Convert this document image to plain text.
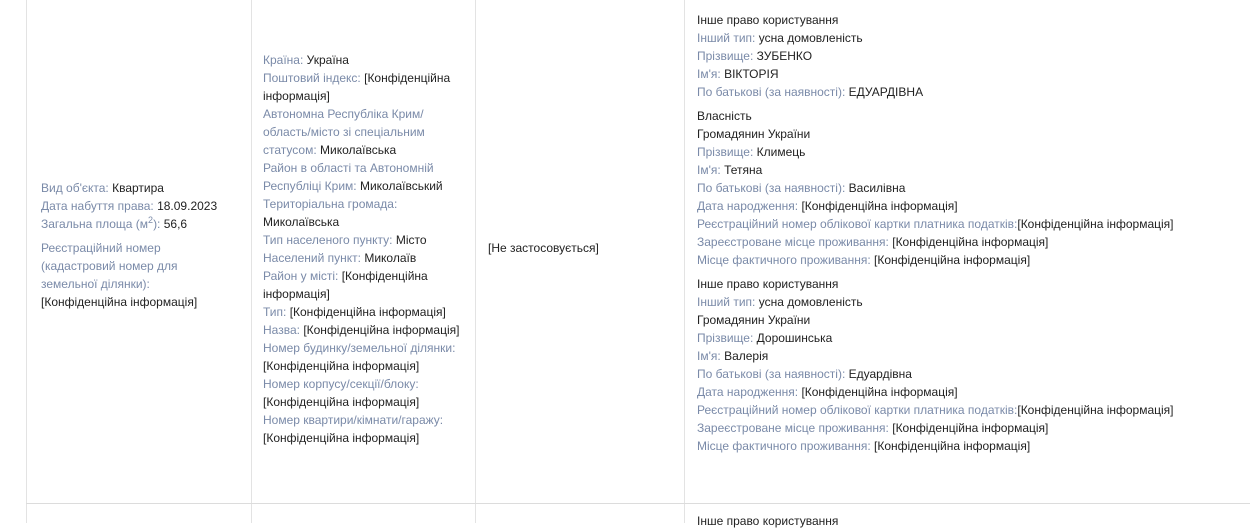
Вид об'єкта: Квартира
Дата набуття права: 18.09.2023
Загальна площа $(м^2)$: 56,6
Реєстраційний номер
(кадастровий номер для
земельної ділянки):
[Конфіденційна інформація]
Країна: Україна
Поштовий індекс: [Конфіденційна
інформація]
Автономна Республіка Крим/
область/місто зі спеціальним
статусом: Миколаївська
Район в області та Автономній
Республіці Крим: Миколаївський
Територіальна громада:
Миколаївська
Тип населеного пункту: Місто
Населений пункт: Миколаїв
Район у місті: [Конфіденційна
інформація]
Тип: [Конфіденційна інформація]
Назва: [Конфіденційна інформація]
Номер будинку/земельної ділянки:
[Конфіденційна інформація]
Номер корпусу/секції/блоку:
[Конфіденційна інформація]
Номер квартири/кімнати/гаражу:
[Конфіденційна інформація]
[Не застосовується]
Інше право користування
Інший тип: усна домовленість
Прізвище: ЗУБЕНКО
Ім'я: ВІКТОРІЯ
По батькові (за наявності): ЕДУАРДІВНА
Власність
Громадянин України
Прізвище: Климець
Ім'я: Тетяна
По батькові (за наявності): Василівна
Дата народження: [Конфіденційна інформація]
Реєстраційний номер облікової картки платника податків:[Конфіденційна інформація]
Зареєстроване місце проживання: [Конфіденційна інформація]
Місце фактичного проживання: [Конфіденційна інформація]
Інше право користування
Інший тип: усна домовленість
Громадянин України
Прізвище: Дорошинська
Ім'я: Валерія
По батькові (за наявності): Едуардівна
Дата народження: [Конфіденційна інформація]
Реєстраційний номер облікової картки платника податків:[Конфіденційна інформація]
Зареєстроване місце проживання: [Конфіденційна інформація]
Місце фактичного проживання: [Конфіденційна інформація]
Інше право користування
